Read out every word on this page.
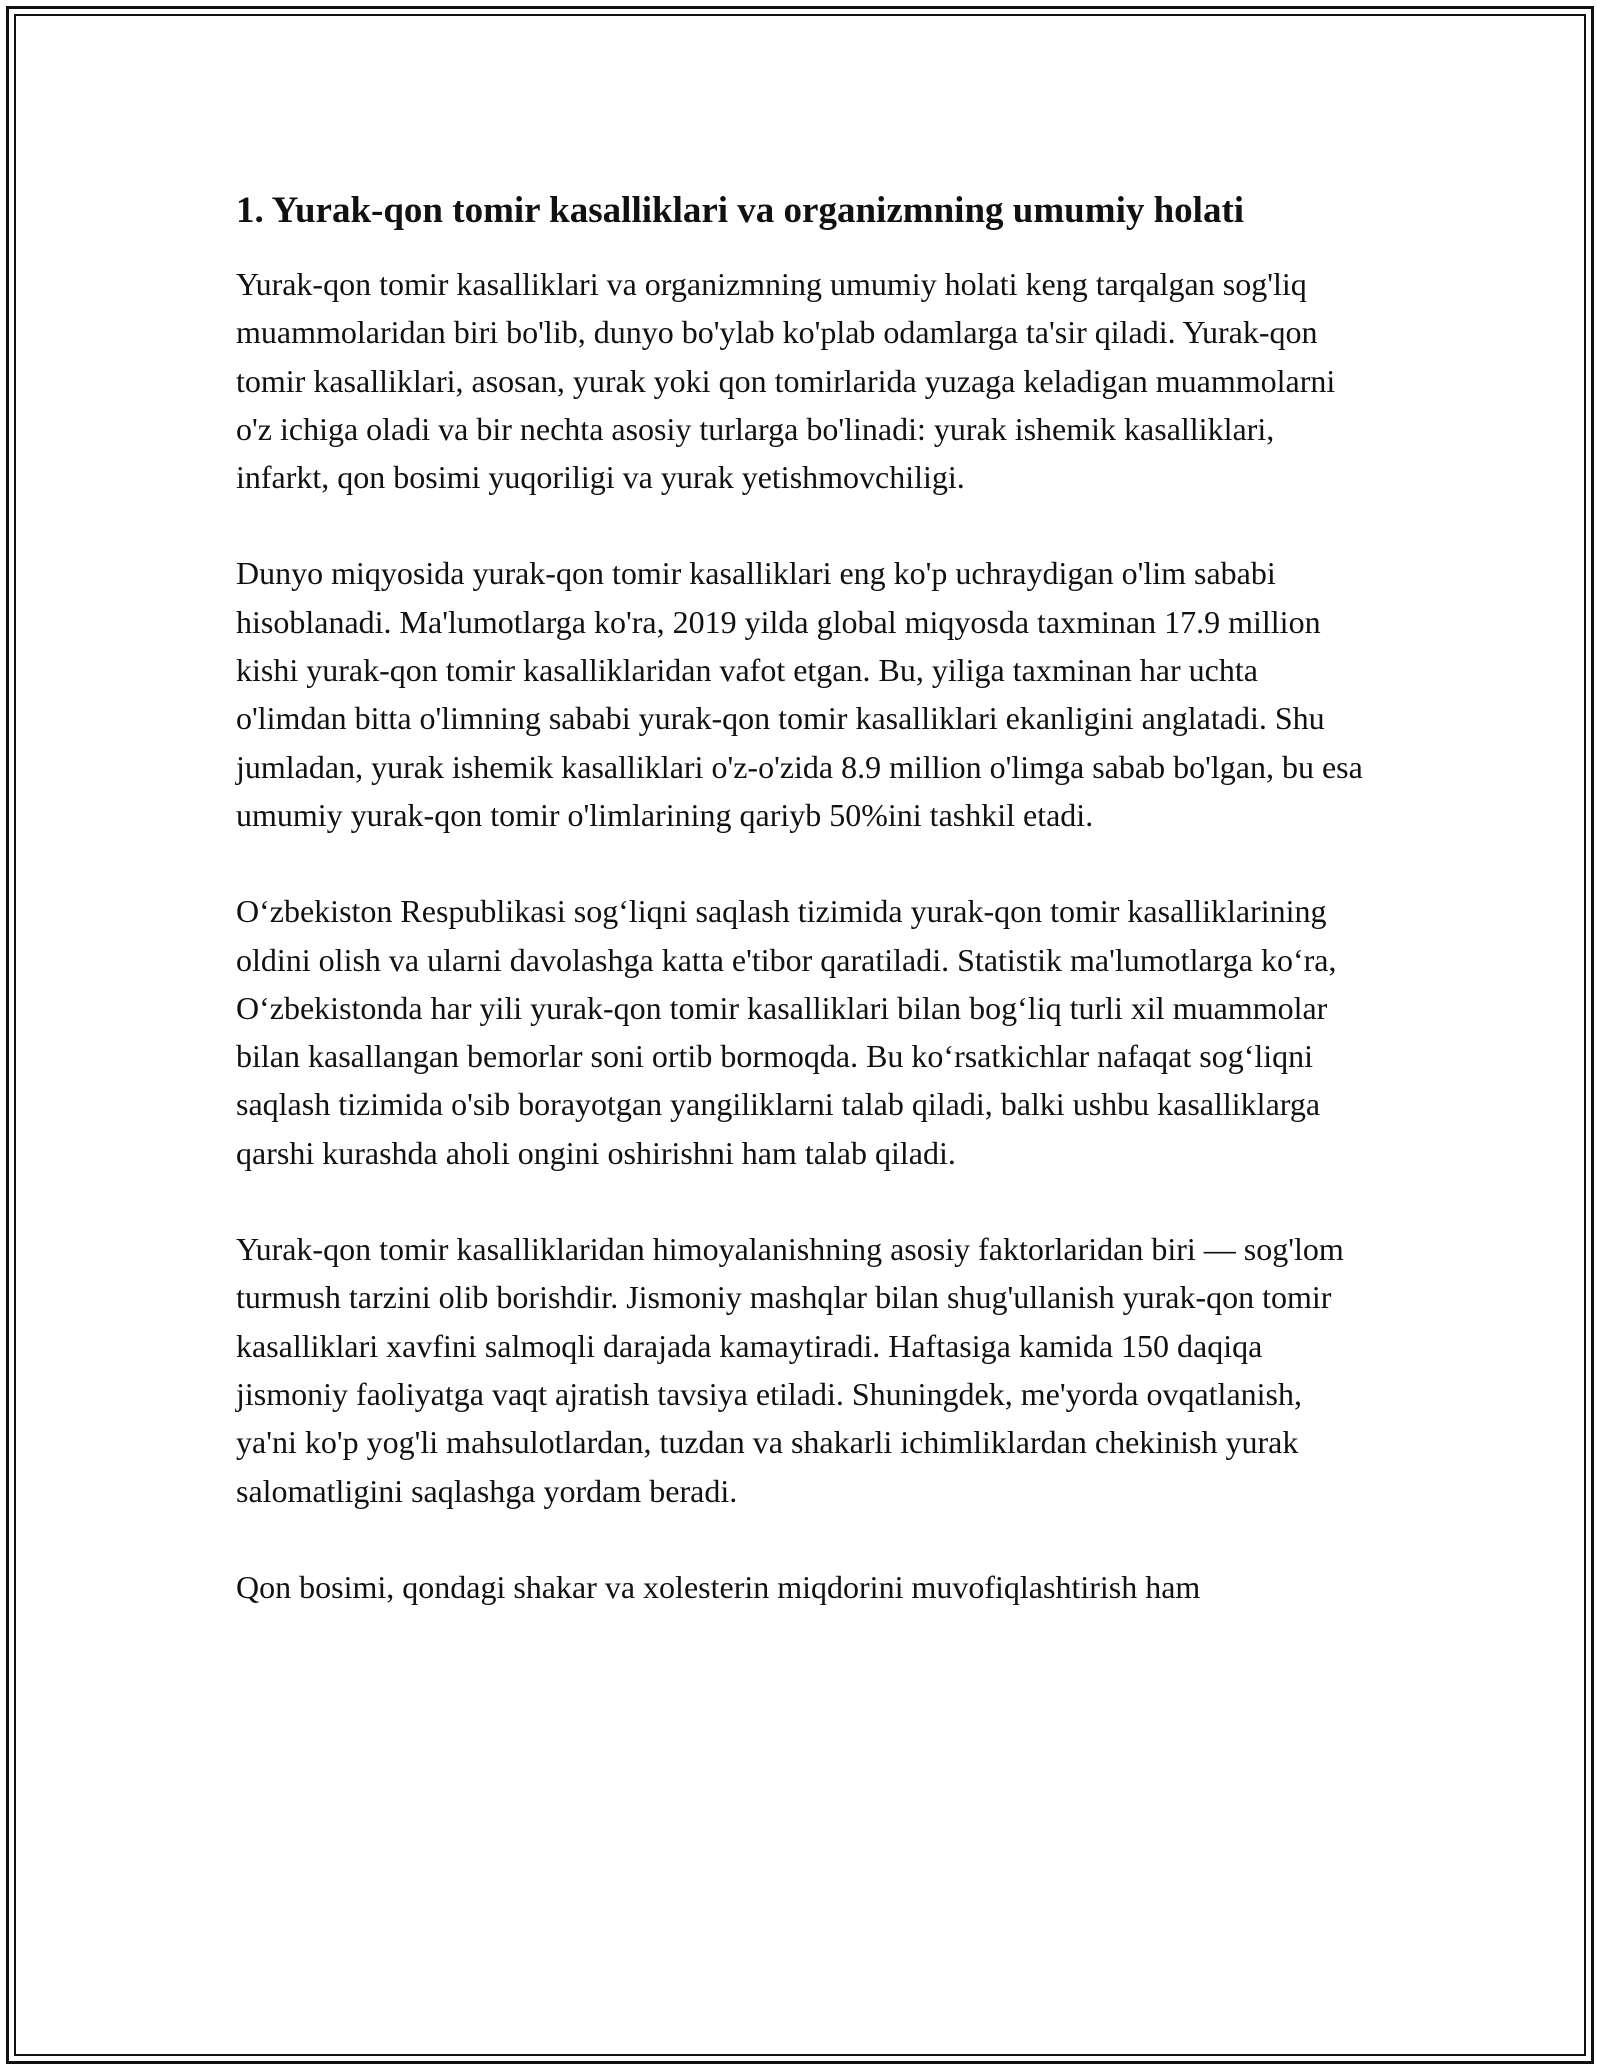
1. Yurak-qon tomir kasalliklari va organizmning umumiy holati

Yurak-qon tomir kasalliklari va organizmning umumiy holati keng tarqalgan sog'liq muammolaridan biri bo'lib, dunyo bo'ylab ko'plab odamlarga ta'sir qiladi. Yurak-qon tomir kasalliklari, asosan, yurak yoki qon tomirlarida yuzaga keladigan muammolarni o'z ichiga oladi va bir nechta asosiy turlarga bo'linadi: yurak ishemik kasalliklari, infarkt, qon bosimi yuqoriligi va yurak yetishmovchiligi.

Dunyo miqyosida yurak-qon tomir kasalliklari eng ko'p uchraydigan o'lim sababi hisoblanadi. Ma'lumotlarga ko'ra, 2019 yilda global miqyosda taxminan 17.9 million kishi yurak-qon tomir kasalliklaridan vafot etgan. Bu, yiliga taxminan har uchta o'limdan bitta o'limning sababi yurak-qon tomir kasalliklari ekanligini anglatadi. Shu jumladan, yurak ishemik kasalliklari o'z-o'zida 8.9 million o'limga sabab bo'lgan, bu esa umumiy yurak-qon tomir o'limlarining qariyb 50%ini tashkil etadi.

O‘zbekiston Respublikasi sog‘liqni saqlash tizimida yurak-qon tomir kasalliklarining oldini olish va ularni davolashga katta e'tibor qaratiladi. Statistik ma'lumotlarga ko‘ra, O‘zbekistonda har yili yurak-qon tomir kasalliklari bilan bog‘liq turli xil muammolar bilan kasallangan bemorlar soni ortib bormoqda. Bu ko‘rsatkichlar nafaqat sog‘liqni saqlash tizimida o'sib borayotgan yangiliklarni talab qiladi, balki ushbu kasalliklarga qarshi kurashda aholi ongini oshirishni ham talab qiladi.

Yurak-qon tomir kasalliklaridan himoyalanishning asosiy faktorlaridan biri — sog'lom turmush tarzini olib borishdir. Jismoniy mashqlar bilan shug'ullanish yurak-qon tomir kasalliklari xavfini salmoqli darajada kamaytiradi. Haftasiga kamida 150 daqiqa jismoniy faoliyatga vaqt ajratish tavsiya etiladi. Shuningdek, me'yorda ovqatlanish, ya'ni ko'p yog'li mahsulotlardan, tuzdan va shakarli ichimliklardan chekinish yurak salomatligini saqlashga yordam beradi.

Qon bosimi, qondagi shakar va xolesterin miqdorini muvofiqlashtirish ham
